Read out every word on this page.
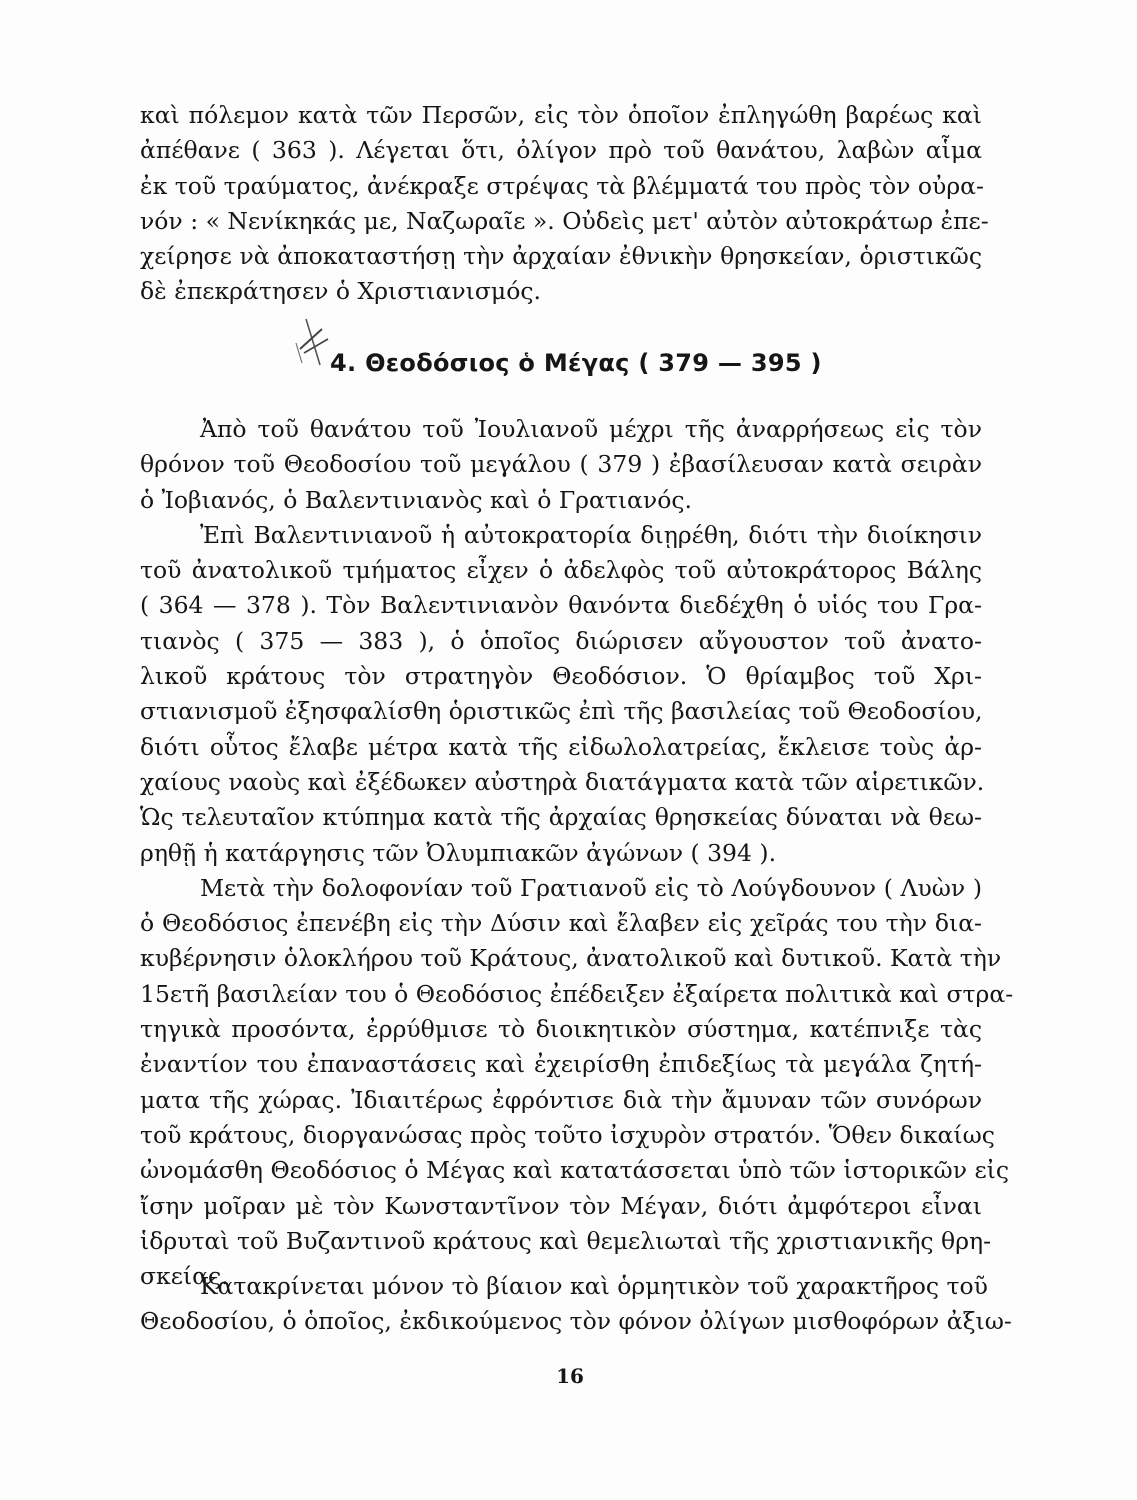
καὶ πόλεμον κατὰ τῶν Περσῶν, εἰς τὸν ὁποῖον ἐπληγώθη βαρέως καὶ
ἀπέθανε ( 363 ). Λέγεται ὅτι, ὀλίγον πρὸ τοῦ θανάτου, λαβὼν αἷμα
ἐκ τοῦ τραύματος, ἀνέκραξε στρέψας τὰ βλέμματά του πρὸς τὸν οὐρα-
νόν : « Νενίκηκάς με, Ναζωραῖε ». Οὐδεὶς μετ' αὐτὸν αὐτοκράτωρ ἐπε-
χείρησε νὰ ἀποκαταστήσῃ τὴν ἀρχαίαν ἐθνικὴν θρησκείαν, ὁριστικῶς
δὲ ἐπεκράτησεν ὁ Χριστιανισμός.
4. Θεοδόσιος ὁ Μέγας ( 379 — 395 )
Ἀπὸ τοῦ θανάτου τοῦ Ἰουλιανοῦ μέχρι τῆς ἀναρρήσεως εἰς τὸν
θρόνον τοῦ Θεοδοσίου τοῦ μεγάλου ( 379 ) ἐβασίλευσαν κατὰ σειρὰν
ὁ Ἰοβιανός, ὁ Βαλεντινιανὸς καὶ ὁ Γρατιανός.
Ἐπὶ Βαλεντινιανοῦ ἡ αὐτοκρατορία διῃρέθη, διότι τὴν διοίκησιν
τοῦ ἀνατολικοῦ τμήματος εἶχεν ὁ ἀδελφὸς τοῦ αὐτοκράτορος Βάλης
( 364 — 378 ). Τὸν Βαλεντινιανὸν θανόντα διεδέχθη ὁ υἱός του Γρα-
τιανὸς ( 375 — 383 ), ὁ ὁποῖος διώρισεν αὔγουστον τοῦ ἀνατο-
λικοῦ κράτους τὸν στρατηγὸν Θεοδόσιον. Ὁ θρίαμβος τοῦ Χρι-
στιανισμοῦ ἐξησφαλίσθη ὁριστικῶς ἐπὶ τῆς βασιλείας τοῦ Θεοδοσίου,
διότι οὗτος ἔλαβε μέτρα κατὰ τῆς εἰδωλολατρείας, ἔκλεισε τοὺς ἀρ-
χαίους ναοὺς καὶ ἐξέδωκεν αὐστηρὰ διατάγματα κατὰ τῶν αἱρετικῶν.
Ὡς τελευταῖον κτύπημα κατὰ τῆς ἀρχαίας θρησκείας δύναται νὰ θεω-
ρηθῇ ἡ κατάργησις τῶν Ὀλυμπιακῶν ἀγώνων ( 394 ).
Μετὰ τὴν δολοφονίαν τοῦ Γρατιανοῦ εἰς τὸ Λούγδουνον ( Λυὼν )
ὁ Θεοδόσιος ἐπενέβη εἰς τὴν Δύσιν καὶ ἔλαβεν εἰς χεῖράς του τὴν δια-
κυβέρνησιν ὁλοκλήρου τοῦ Κράτους, ἀνατολικοῦ καὶ δυτικοῦ. Κατὰ τὴν
15ετῆ βασιλείαν του ὁ Θεοδόσιος ἐπέδειξεν ἐξαίρετα πολιτικὰ καὶ στρα-
τηγικὰ προσόντα, ἐρρύθμισε τὸ διοικητικὸν σύστημα, κατέπνιξε τὰς
ἐναντίον του ἐπαναστάσεις καὶ ἐχειρίσθη ἐπιδεξίως τὰ μεγάλα ζητή-
ματα τῆς χώρας. Ἰδιαιτέρως ἐφρόντισε διὰ τὴν ἄμυναν τῶν συνόρων
τοῦ κράτους, διοργανώσας πρὸς τοῦτο ἰσχυρὸν στρατόν. Ὅθεν δικαίως
ὠνομάσθη Θεοδόσιος ὁ Μέγας καὶ κατατάσσεται ὑπὸ τῶν ἱστορικῶν εἰς
ἴσην μοῖραν μὲ τὸν Κωνσταντῖνον τὸν Μέγαν, διότι ἀμφότεροι εἶναι
ἱδρυταὶ τοῦ Βυζαντινοῦ κράτους καὶ θεμελιωταὶ τῆς χριστιανικῆς θρη-
σκείας.
Κατακρίνεται μόνον τὸ βίαιον καὶ ὁρμητικὸν τοῦ χαρακτῆρος τοῦ
Θεοδοσίου, ὁ ὁποῖος, ἐκδικούμενος τὸν φόνον ὀλίγων μισθοφόρων ἀξιω-
16
